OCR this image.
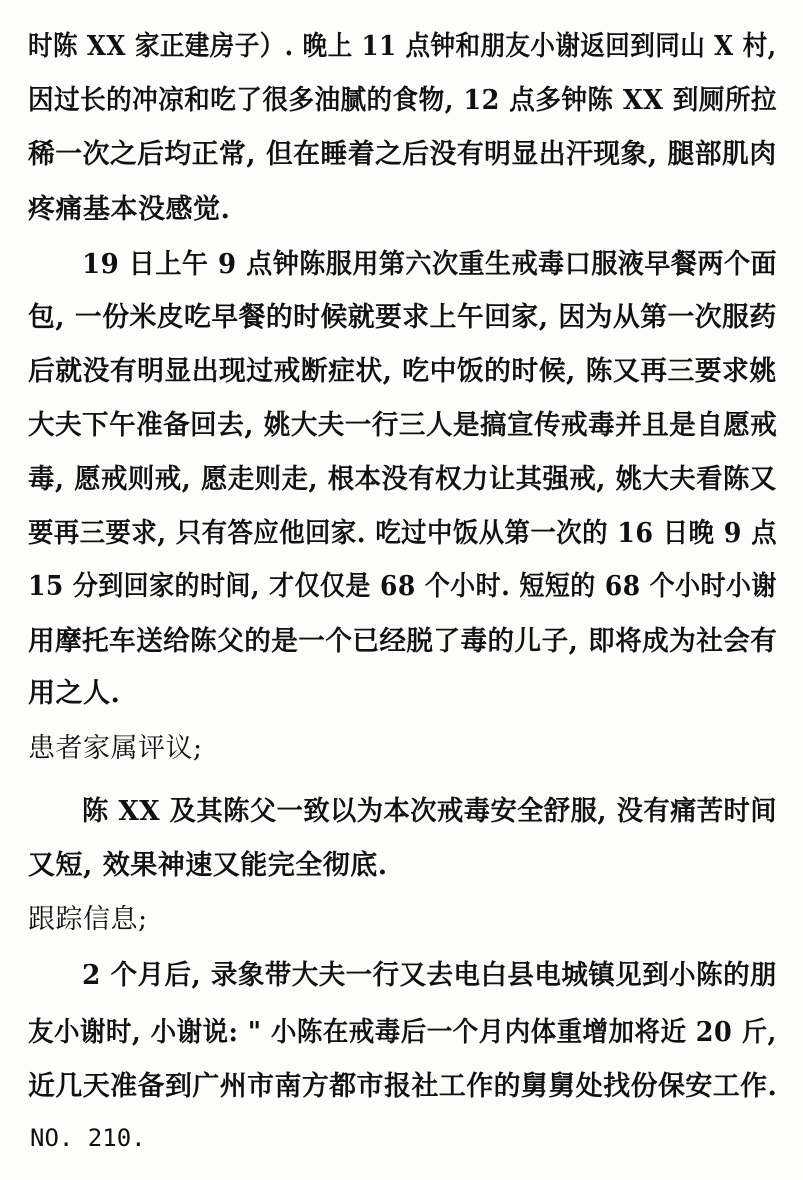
时陈 XX 家正建房子）. 晚上 11 点钟和朋友小谢返回到同山 X 村,
因过长的冲凉和吃了很多油腻的食物, 12 点多钟陈 XX 到厕所拉
稀一次之后均正常, 但在睡着之后没有明显出汗现象, 腿部肌肉
疼痛基本没感觉.
19 日上午 9 点钟陈服用第六次重生戒毒口服液早餐两个面
包, 一份米皮吃早餐的时候就要求上午回家, 因为从第一次服药
后就没有明显出现过戒断症状, 吃中饭的时候, 陈又再三要求姚
大夫下午准备回去, 姚大夫一行三人是搞宣传戒毒并且是自愿戒
毒, 愿戒则戒, 愿走则走, 根本没有权力让其强戒, 姚大夫看陈又
要再三要求, 只有答应他回家. 吃过中饭从第一次的 16 日晚 9 点
15 分到回家的时间, 才仅仅是 68 个小时. 短短的 68 个小时小谢
用摩托车送给陈父的是一个已经脱了毒的儿子, 即将成为社会有
用之人.
患者家属评议;
陈 XX 及其陈父一致以为本次戒毒安全舒服, 没有痛苦时间
又短, 效果神速又能完全彻底.
跟踪信息;
2 个月后, 录象带大夫一行又去电白县电城镇见到小陈的朋
友小谢时, 小谢说: " 小陈在戒毒后一个月内体重增加将近 20 斤,
近几天准备到广州市南方都市报社工作的舅舅处找份保安工作.
NO. 210.
